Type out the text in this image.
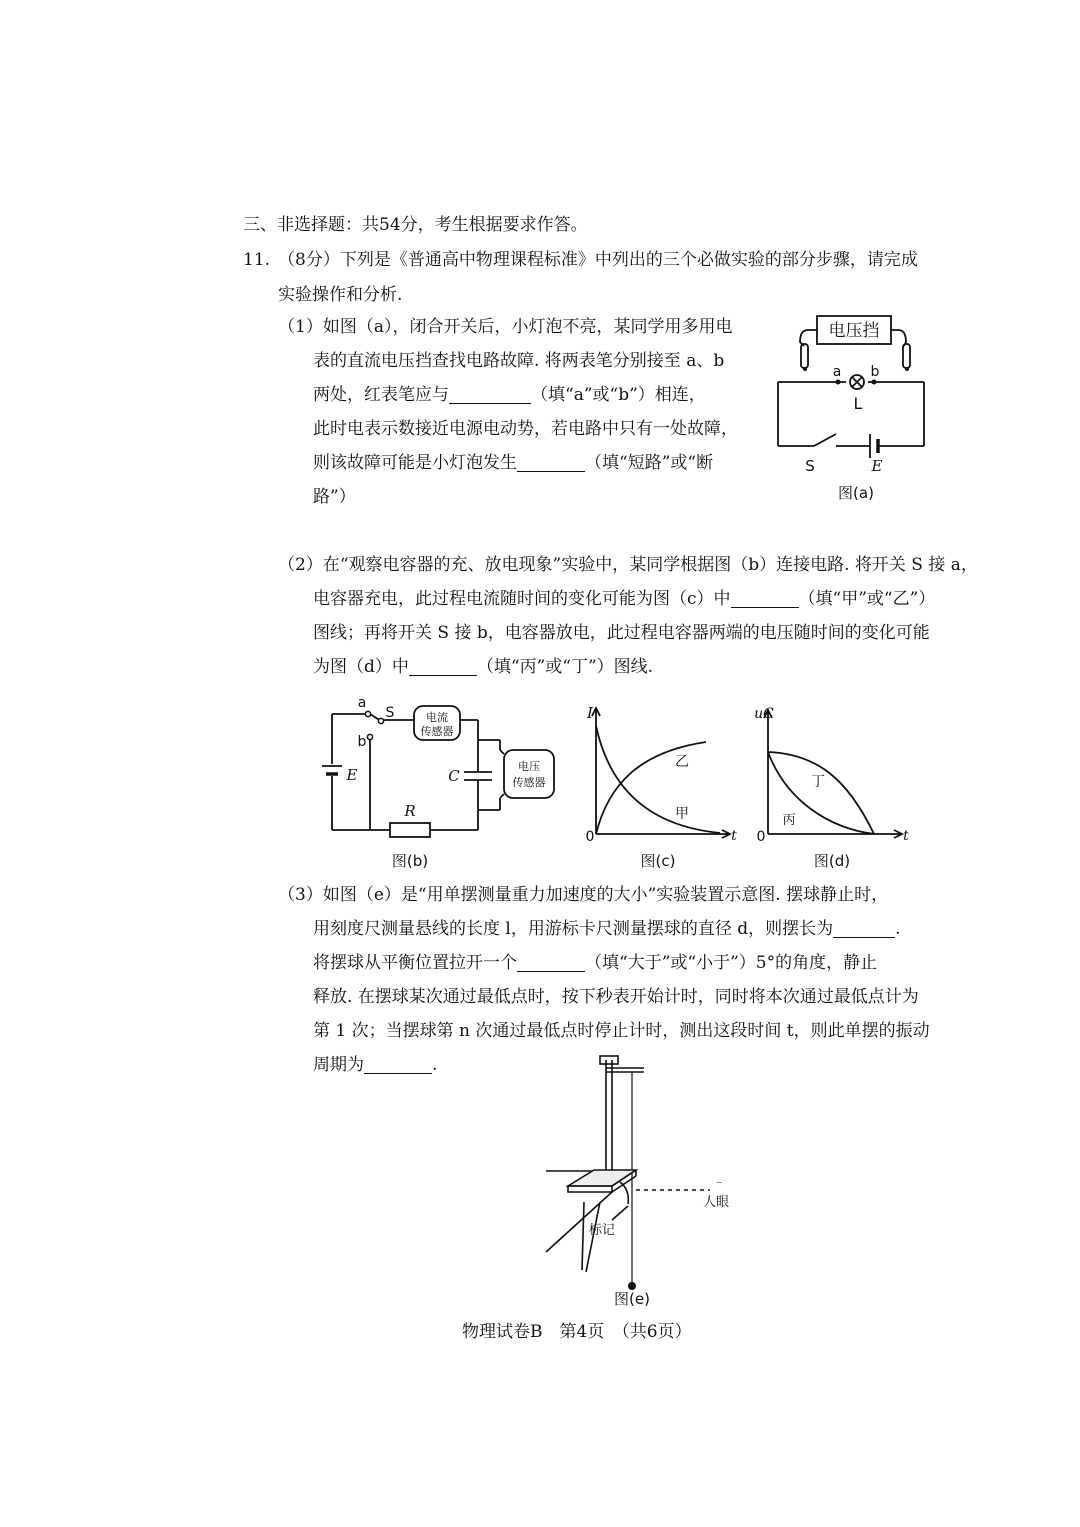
三、非选择题：共54分，考生根据要求作答。
11. （8分）下列是《普通高中物理课程标准》中列出的三个必做实验的部分步骤，请完成
实验操作和分析.
（1）如图（a），闭合开关后，小灯泡不亮，某同学用多用电
表的直流电压挡查找电路故障. 将两表笔分别接至 a、b
两处，红表笔应与	（填“a”或“b”）相连，
此时电表示数接近电源电动势，若电路中只有一处故障，
则该故障可能是小灯泡发生	（填“短路”或“断
路”）
电压挡
a b
L
S	E
图(a)
（2）在“观察电容器的充、放电现象”实验中，某同学根据图（b）连接电路. 将开关 S 接 a，
电容器充电，此过程电流随时间的变化可能为图（c）中	（填“甲”或“乙”）
图线；再将开关 S 接 b，电容器放电，此过程电容器两端的电压随时间的变化可能
为图（d）中	（填“丙”或“丁”）图线.
a
b
S	电流
传感器
电压
传感器
C
E
R
图(b)
I
t
0
乙
甲
图(c)
uC
t
0
丁
丙
图(d)
（3）如图（e）是“用单摆测量重力加速度的大小”实验装置示意图. 摆球静止时，
用刻度尺测量悬线的长度 l，用游标卡尺测量摆球的直径 d，则摆长为	.
将摆球从平衡位置拉开一个	（填“大于”或“小于”）5°的角度，静止
释放. 在摆球某次通过最低点时，按下秒表开始计时，同时将本次通过最低点计为
第 1 次；当摆球第 n 次通过最低点时停止计时，测出这段时间 t，则此单摆的振动
周期为	.
⁻
标记
人眼
图(e)
物理试卷B　第4页　（共6页）
